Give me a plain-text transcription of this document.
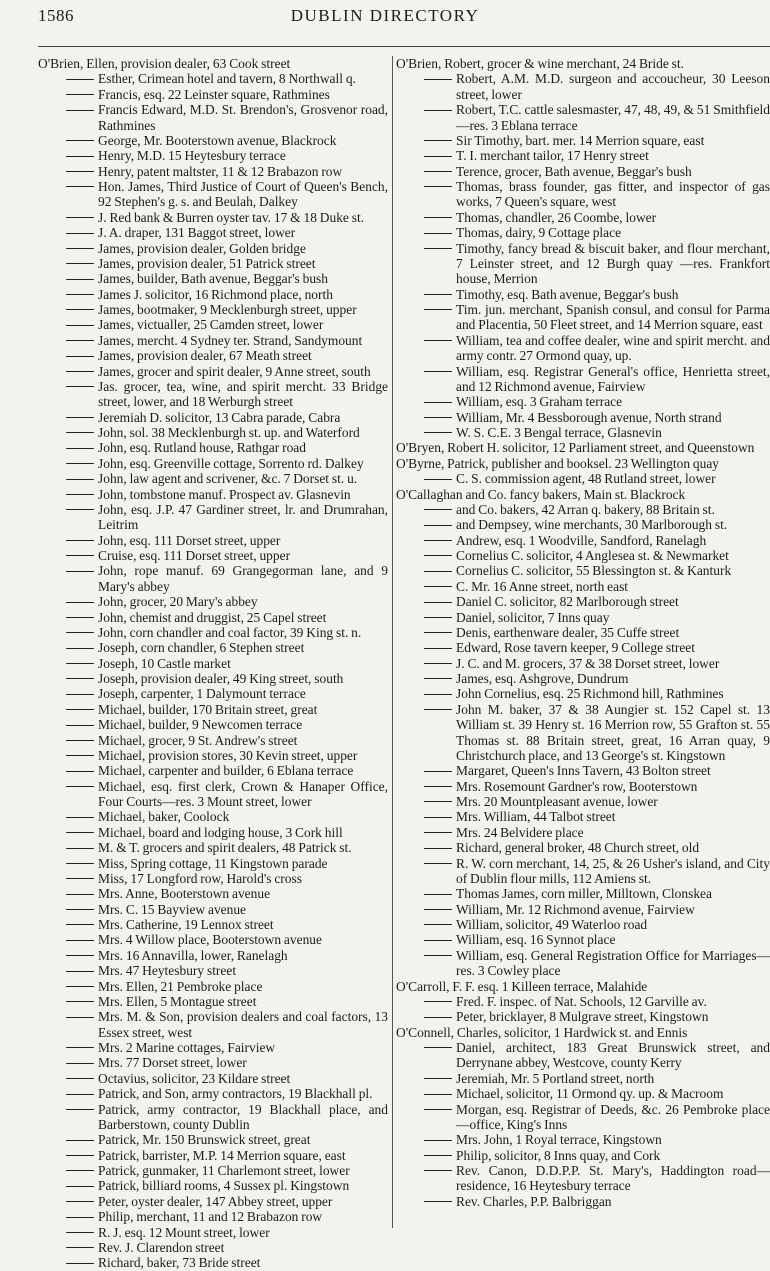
1586	DUBLIN DIRECTORY

O'Brien, Ellen, provision dealer, 63 Cook street

Esther, Crimean hotel and tavern, 8 Northwall q.

Francis, esq. 22 Leinster square, Rathmines

Francis Edward, M.D. St. Brendon's, Grosvenor road, Rathmines

George, Mr. Booterstown avenue, Blackrock

Henry, M.D. 15 Heytesbury terrace

Henry, patent maltster, 11 & 12 Brabazon row

Hon. James, Third Justice of Court of Queen's Bench, 92 Stephen's g. s. and Beulah, Dalkey

J. Red bank & Burren oyster tav. 17 & 18 Duke st.

J. A. draper, 131 Baggot street, lower

James, provision dealer, Golden bridge

James, provision dealer, 51 Patrick street

James, builder, Bath avenue, Beggar's bush

James J. solicitor, 16 Richmond place, north

James, bootmaker, 9 Mecklenburgh street, upper

James, victualler, 25 Camden street, lower

James, mercht. 4 Sydney ter. Strand, Sandymount

James, provision dealer, 67 Meath street

James, grocer and spirit dealer, 9 Anne street, south

Jas. grocer, tea, wine, and spirit mercht. 33 Bridge street, lower, and 18 Werburgh street

Jeremiah D. solicitor, 13 Cabra parade, Cabra

John, sol. 38 Mecklenburgh st. up. and Waterford

John, esq. Rutland house, Rathgar road

John, esq. Greenville cottage, Sorrento rd. Dalkey

John, law agent and scrivener, &c. 7 Dorset st. u.

John, tombstone manuf. Prospect av. Glasnevin

John, esq. J.P. 47 Gardiner street, lr. and Drumrahan, Leitrim

John, esq. 111 Dorset street, upper

Cruise, esq. 111 Dorset street, upper

John, rope manuf. 69 Grangegorman lane, and 9 Mary's abbey

John, grocer, 20 Mary's abbey

John, chemist and druggist, 25 Capel street

John, corn chandler and coal factor, 39 King st. n.

Joseph, corn chandler, 6 Stephen street

Joseph, 10 Castle market

Joseph, provision dealer, 49 King street, south

Joseph, carpenter, 1 Dalymount terrace

Michael, builder, 170 Britain street, great

Michael, builder, 9 Newcomen terrace

Michael, grocer, 9 St. Andrew's street

Michael, provision stores, 30 Kevin street, upper

Michael, carpenter and builder, 6 Eblana terrace

Michael, esq. first clerk, Crown & Hanaper Office, Four Courts—res. 3 Mount street, lower

Michael, baker, Coolock

Michael, board and lodging house, 3 Cork hill

M. & T. grocers and spirit dealers, 48 Patrick st.

Miss, Spring cottage, 11 Kingstown parade

Miss, 17 Longford row, Harold's cross

Mrs. Anne, Booterstown avenue

Mrs. C. 15 Bayview avenue

Mrs. Catherine, 19 Lennox street

Mrs. 4 Willow place, Booterstown avenue

Mrs. 16 Annavilla, lower, Ranelagh

Mrs. 47 Heytesbury street

Mrs. Ellen, 21 Pembroke place

Mrs. Ellen, 5 Montague street

Mrs. M. & Son, provision dealers and coal factors, 13 Essex street, west

Mrs. 2 Marine cottages, Fairview

Mrs. 77 Dorset street, lower

Octavius, solicitor, 23 Kildare street

Patrick, and Son, army contractors, 19 Blackhall pl.

Patrick, army contractor, 19 Blackhall place, and Barberstown, county Dublin

Patrick, Mr. 150 Brunswick street, great

Patrick, barrister, M.P. 14 Merrion square, east

Patrick, gunmaker, 11 Charlemont street, lower

Patrick, billiard rooms, 4 Sussex pl. Kingstown

Peter, oyster dealer, 147 Abbey street, upper

Philip, merchant, 11 and 12 Brabazon row

R. J. esq. 12 Mount street, lower

Rev. J. Clarendon street

Richard, baker, 73 Bride street

O'Brien, Robert, grocer & wine merchant, 24 Bride st.

Robert, A.M. M.D. surgeon and accoucheur, 30 Leeson street, lower

Robert, T.C. cattle salesmaster, 47, 48, 49, & 51 Smithfield—res. 3 Eblana terrace

Sir Timothy, bart. mer. 14 Merrion square, east

T. I. merchant tailor, 17 Henry street

Terence, grocer, Bath avenue, Beggar's bush

Thomas, brass founder, gas fitter, and inspector of gas works, 7 Queen's square, west

Thomas, chandler, 26 Coombe, lower

Thomas, dairy, 9 Cottage place

Timothy, fancy bread & biscuit baker, and flour merchant, 7 Leinster street, and 12 Burgh quay —res. Frankfort house, Merrion

Timothy, esq. Bath avenue, Beggar's bush

Tim. jun. merchant, Spanish consul, and consul for Parma and Placentia, 50 Fleet street, and 14 Merrion square, east

William, tea and coffee dealer, wine and spirit mercht. and army contr. 27 Ormond quay, up.

William, esq. Registrar General's office, Henrietta street, and 12 Richmond avenue, Fairview

William, esq. 3 Graham terrace

William, Mr. 4 Bessborough avenue, North strand

W. S. C.E. 3 Bengal terrace, Glasnevin

O'Bryen, Robert H. solicitor, 12 Parliament street, and Queenstown

O'Byrne, Patrick, publisher and booksel. 23 Wellington quay

C. S. commission agent, 48 Rutland street, lower

O'Callaghan and Co. fancy bakers, Main st. Blackrock

and Co. bakers, 42 Arran q. bakery, 88 Britain st.

and Dempsey, wine merchants, 30 Marlborough st.

Andrew, esq. 1 Woodville, Sandford, Ranelagh

Cornelius C. solicitor, 4 Anglesea st. & Newmarket

Cornelius C. solicitor, 55 Blessington st. & Kanturk

C. Mr. 16 Anne street, north east

Daniel C. solicitor, 82 Marlborough street

Daniel, solicitor, 7 Inns quay

Denis, earthenware dealer, 35 Cuffe street

Edward, Rose tavern keeper, 9 College street

J. C. and M. grocers, 37 & 38 Dorset street, lower

James, esq. Ashgrove, Dundrum

John Cornelius, esq. 25 Richmond hill, Rathmines

John M. baker, 37 & 38 Aungier st. 152 Capel st. 13 William st. 39 Henry st. 16 Merrion row, 55 Grafton st. 55 Thomas st. 88 Britain street, great, 16 Arran quay, 9 Christchurch place, and 13 George's st. Kingstown

Margaret, Queen's Inns Tavern, 43 Bolton street

Mrs. Rosemount Gardner's row, Booterstown

Mrs. 20 Mountpleasant avenue, lower

Mrs. William, 44 Talbot street

Mrs. 24 Belvidere place

Richard, general broker, 48 Church street, old

R. W. corn merchant, 14, 25, & 26 Usher's island, and City of Dublin flour mills, 112 Amiens st.

Thomas James, corn miller, Milltown, Clonskea

William, Mr. 12 Richmond avenue, Fairview

William, solicitor, 49 Waterloo road

William, esq. 16 Synnot place

William, esq. General Registration Office for Marriages—res. 3 Cowley place

O'Carroll, F. F. esq. 1 Killeen terrace, Malahide

Fred. F. inspec. of Nat. Schools, 12 Garville av.

Peter, bricklayer, 8 Mulgrave street, Kingstown

O'Connell, Charles, solicitor, 1 Hardwick st. and Ennis

Daniel, architect, 183 Great Brunswick street, and Derrynane abbey, Westcove, county Kerry

Jeremiah, Mr. 5 Portland street, north

Michael, solicitor, 11 Ormond qy. up. & Macroom

Morgan, esq. Registrar of Deeds, &c. 26 Pembroke place—office, King's Inns

Mrs. John, 1 Royal terrace, Kingstown

Philip, solicitor, 8 Inns quay, and Cork

Rev. Canon, D.D.P.P. St. Mary's, Haddington road—residence, 16 Heytesbury terrace

Rev. Charles, P.P. Balbriggan
